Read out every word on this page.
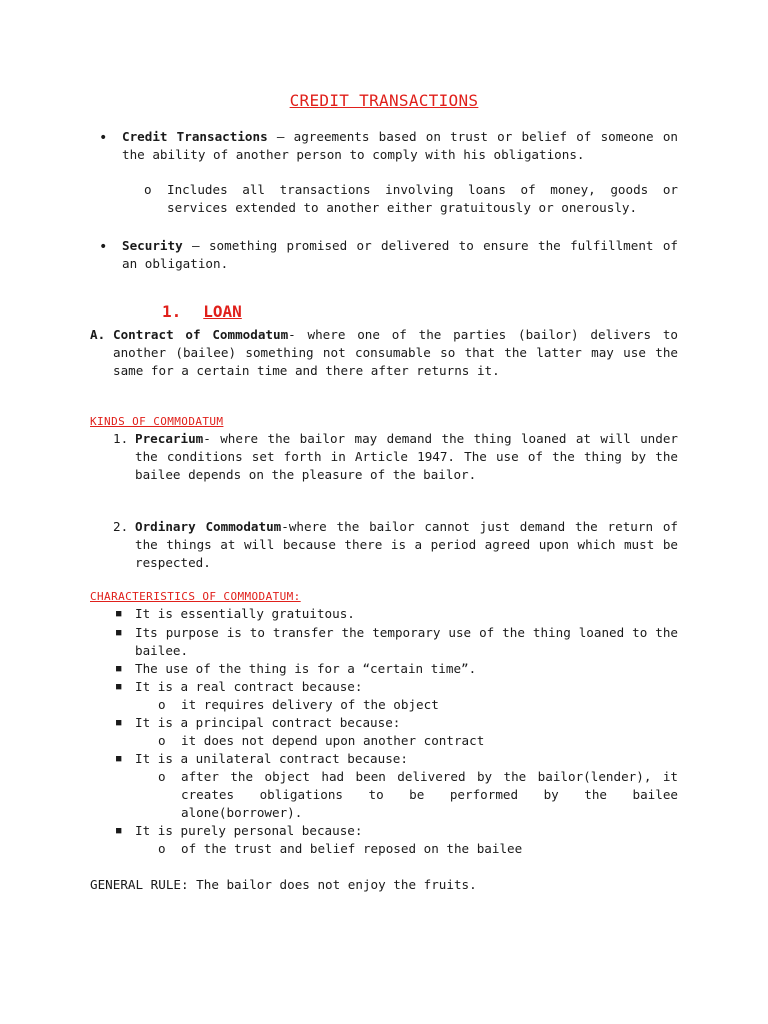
CREDIT TRANSACTIONS
• Credit Transactions – agreements based on trust or belief of someone on the ability of another person to comply with his obligations.
o Includes all transactions involving loans of money, goods or services extended to another either gratuitously or onerously.
• Security – something promised or delivered to ensure the fulfillment of an obligation.
1. LOAN
A. Contract of Commodatum- where one of the parties (bailor) delivers to another (bailee) something not consumable so that the latter may use the same for a certain time and there after returns it.
KINDS OF COMMODATUM
1. Precarium- where the bailor may demand the thing loaned at will under the conditions set forth in Article 1947. The use of the thing by the bailee depends on the pleasure of the bailor.
2. Ordinary Commodatum-where the bailor cannot just demand the return of the things at will because there is a period agreed upon which must be respected.
CHARACTERISTICS OF COMMODATUM:
■ It is essentially gratuitous.
■ Its purpose is to transfer the temporary use of the thing loaned to the bailee.
■ The use of the thing is for a “certain time”.
■ It is a real contract because:
o it requires delivery of the object
■ It is a principal contract because:
o it does not depend upon another contract
■ It is a unilateral contract because:
o after the object had been delivered by the bailor(lender), it creates obligations to be performed by the bailee alone(borrower).
■ It is purely personal because:
o of the trust and belief reposed on the bailee
GENERAL RULE: The bailor does not enjoy the fruits.
